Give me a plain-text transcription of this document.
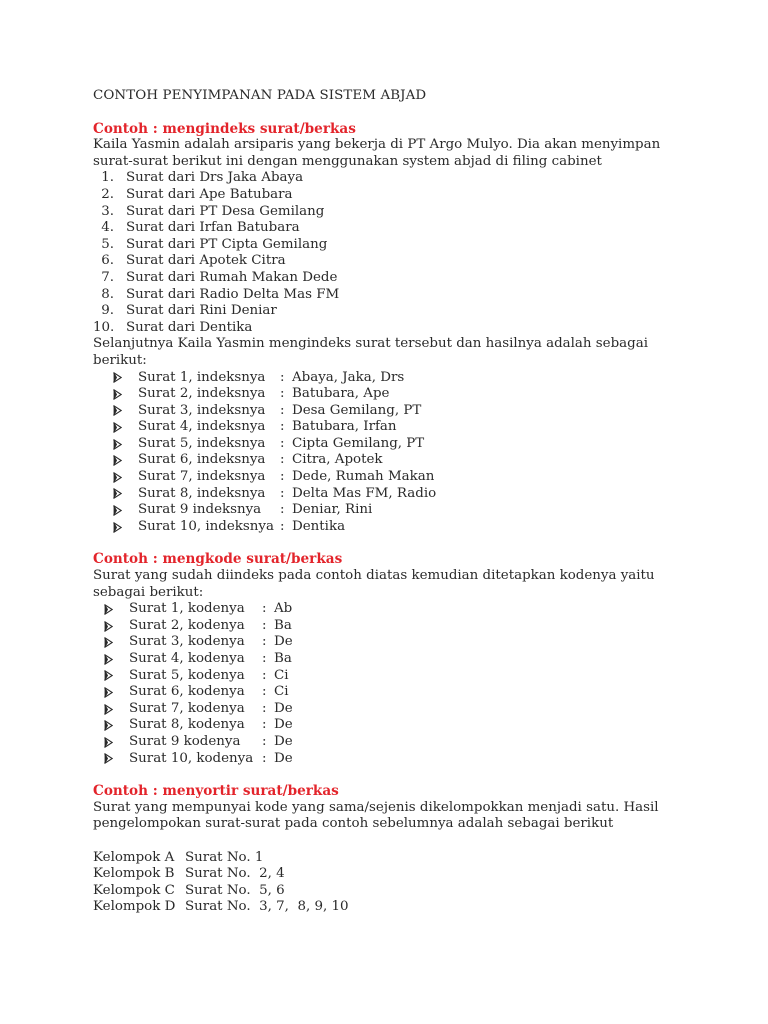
CONTOH PENYIMPANAN PADA SISTEM ABJAD
Contoh : mengindeks surat/berkas

Kaila Yasmin adalah arsiparis yang bekerja di PT Argo Mulyo. Dia akan menyimpan surat-surat berikut ini dengan menggunakan system abjad di filing cabinet

1. Surat dari Drs Jaka Abaya
2. Surat dari Ape Batubara
3. Surat dari PT Desa Gemilang
4. Surat dari Irfan Batubara
5. Surat dari PT Cipta Gemilang
6. Surat dari Apotek Citra
7. Surat dari Rumah Makan Dede
8. Surat dari Radio Delta Mas FM
9. Surat dari Rini Deniar
10. Surat dari Dentika

Selanjutnya Kaila Yasmin mengindeks surat tersebut dan hasilnya adalah sebagai berikut:

Surat 1, indeksnya	: Abaya, Jaka, Drs
Surat 2, indeksnya	: Batubara, Ape
Surat 3, indeksnya	: Desa Gemilang, PT
Surat 4, indeksnya	: Batubara, Irfan
Surat 5, indeksnya	: Cipta Gemilang, PT
Surat 6, indeksnya	: Citra, Apotek
Surat 7, indeksnya	: Dede, Rumah Makan
Surat 8, indeksnya	: Delta Mas FM, Radio
Surat 9 indeksnya	: Deniar, Rini
Surat 10, indeksnya : Dentika
Contoh : mengkode surat/berkas

Surat yang sudah diindeks pada contoh diatas kemudian ditetapkan kodenya yaitu sebagai berikut:

Surat 1, kodenya	: Ab
Surat 2, kodenya	: Ba
Surat 3, kodenya	: De
Surat 4, kodenya	: Ba
Surat 5, kodenya	: Ci
Surat 6, kodenya	: Ci
Surat 7, kodenya	: De
Surat 8, kodenya	: De
Surat 9 kodenya	: De
Surat 10, kodenya : De
Contoh : menyortir surat/berkas

Surat yang mempunyai kode yang sama/sejenis dikelompokkan menjadi satu. Hasil pengelompokan surat-surat pada contoh sebelumnya adalah sebagai berikut

Kelompok A Surat No. 1
Kelompok B Surat No.  2, 4
Kelompok C Surat No.  5, 6
Kelompok D Surat No.  3, 7,  8, 9, 10
